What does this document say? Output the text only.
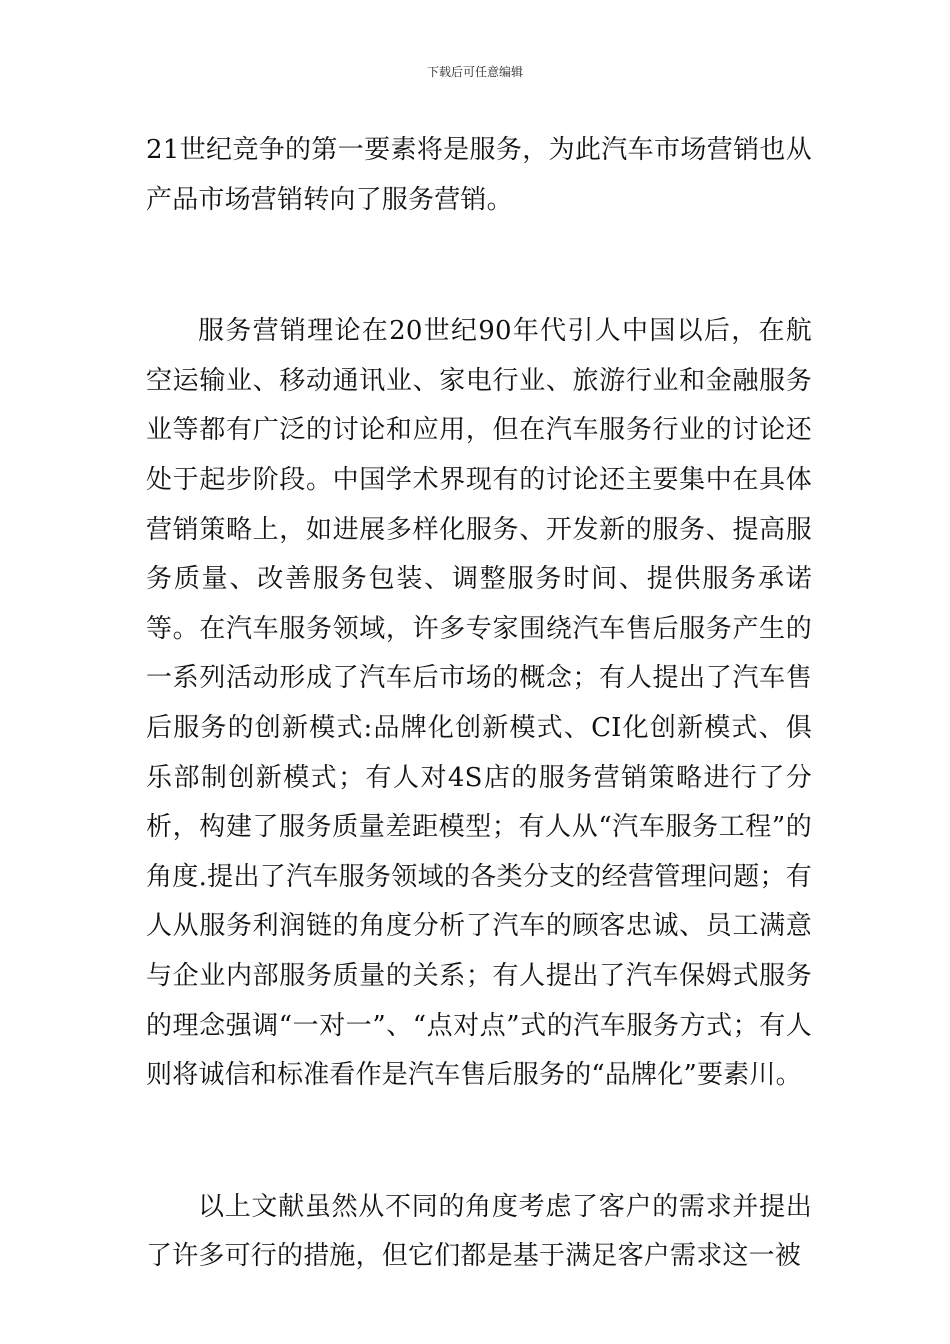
下载后可任意编辑

21世纪竞争的第一要素将是服务，为此汽车市场营销也从产品市场营销转向了服务营销。

服务营销理论在20世纪90年代引人中国以后，在航空运输业、移动通讯业、家电行业、旅游行业和金融服务业等都有广泛的讨论和应用，但在汽车服务行业的讨论还处于起步阶段。中国学术界现有的讨论还主要集中在具体营销策略上，如进展多样化服务、开发新的服务、提高服务质量、改善服务包装、调整服务时间、提供服务承诺等。在汽车服务领域，许多专家围绕汽车售后服务产生的一系列活动形成了汽车后市场的概念；有人提出了汽车售后服务的创新模式:品牌化创新模式、CI化创新模式、俱乐部制创新模式；有人对4S店的服务营销策略进行了分析，构建了服务质量差距模型；有人从“汽车服务工程”的角度.提出了汽车服务领域的各类分支的经营管理问题；有人从服务利润链的角度分析了汽车的顾客忠诚、员工满意与企业内部服务质量的关系；有人提出了汽车保姆式服务的理念强调“一对一”、“点对点”式的汽车服务方式；有人则将诚信和标准看作是汽车售后服务的“品牌化”要素川。

以上文献虽然从不同的角度考虑了客户的需求并提出了许多可行的措施，但它们都是基于满足客户需求这一被
